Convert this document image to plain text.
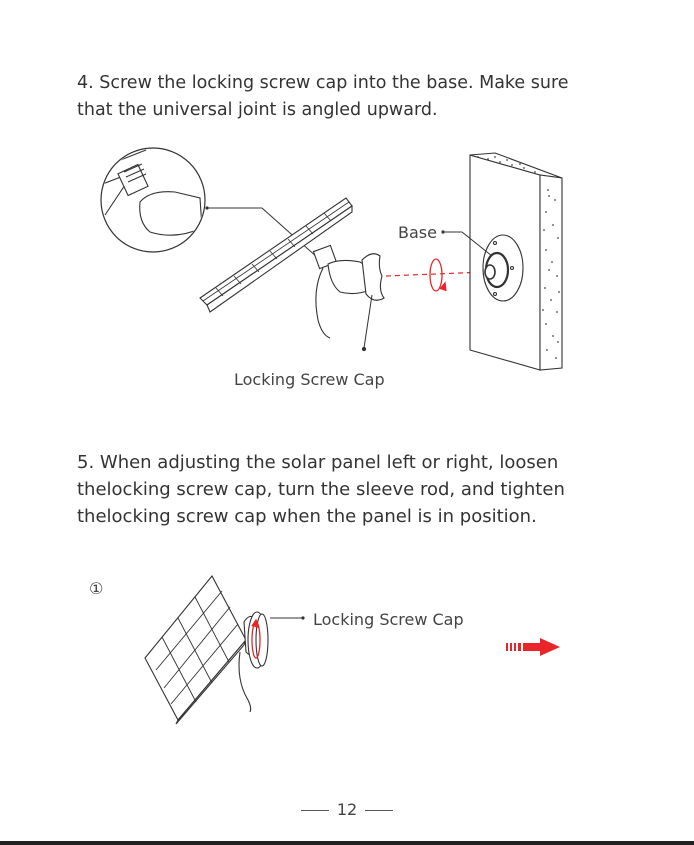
4. Screw the locking screw cap into the base. Make sure
that the universal joint is angled upward.

Base
Locking Screw Cap
①
Locking Screw Cap

5. When adjusting the solar panel left or right, loosen
thelocking screw cap, turn the sleeve rod, and tighten
thelocking screw cap when the panel is in position.

12
